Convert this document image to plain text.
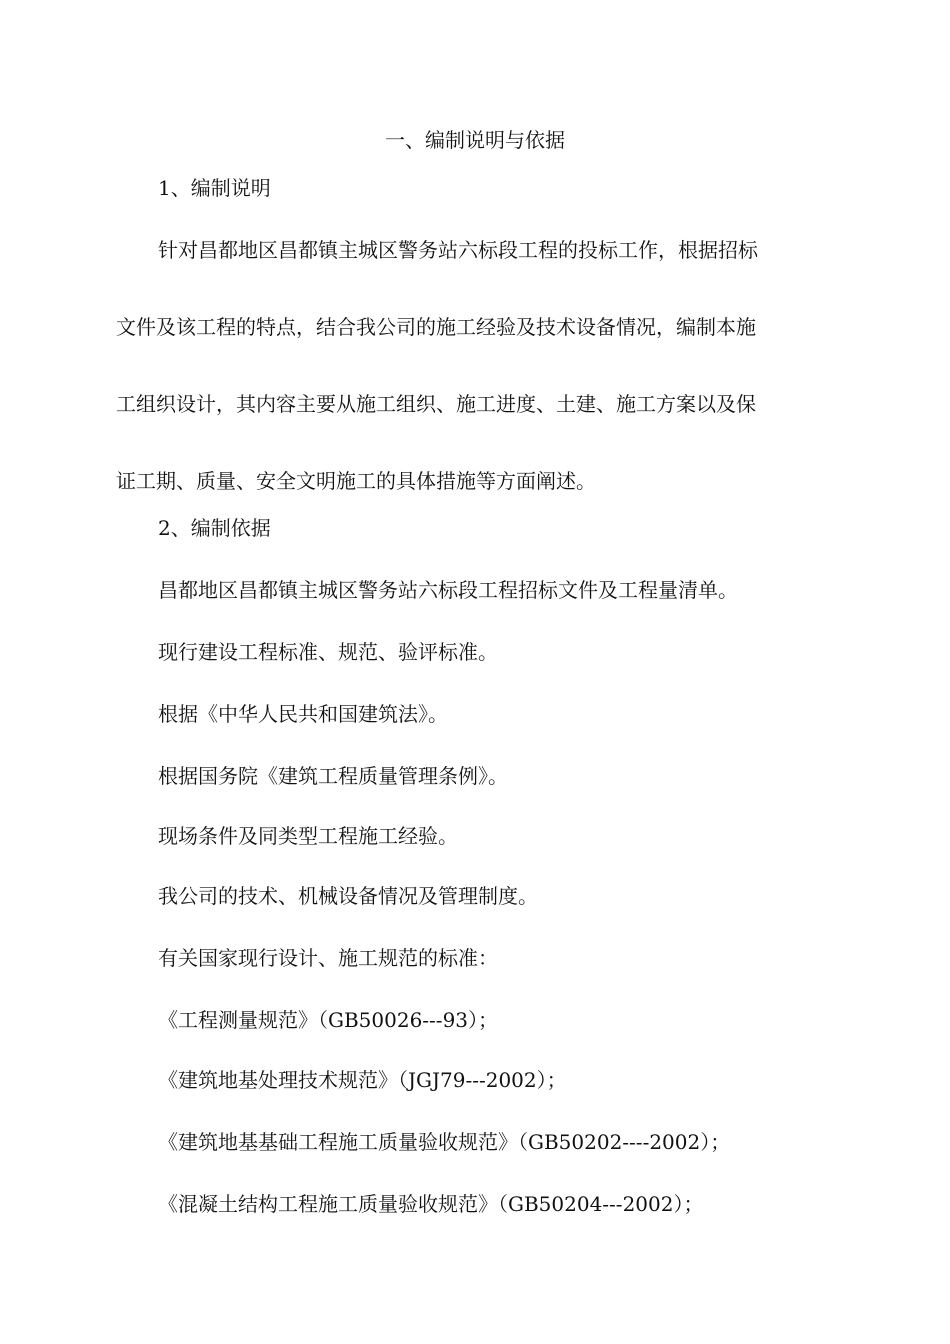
一、编制说明与依据
1、编制说明
针对昌都地区昌都镇主城区警务站六标段工程的投标工作，根据招标
文件及该工程的特点，结合我公司的施工经验及技术设备情况，编制本施
工组织设计，其内容主要从施工组织、施工进度、土建、施工方案以及保
证工期、质量、安全文明施工的具体措施等方面阐述。
2、编制依据
昌都地区昌都镇主城区警务站六标段工程招标文件及工程量清单。
现行建设工程标准、规范、验评标准。
根据《中华人民共和国建筑法》。
根据国务院《建筑工程质量管理条例》。
现场条件及同类型工程施工经验。
我公司的技术、机械设备情况及管理制度。
有关国家现行设计、施工规范的标准：
《工程测量规范》（GB50026---93）；
《建筑地基处理技术规范》（JGJ79---2002）；
《建筑地基基础工程施工质量验收规范》（GB50202----2002）；
《混凝土结构工程施工质量验收规范》（GB50204---2002）；
